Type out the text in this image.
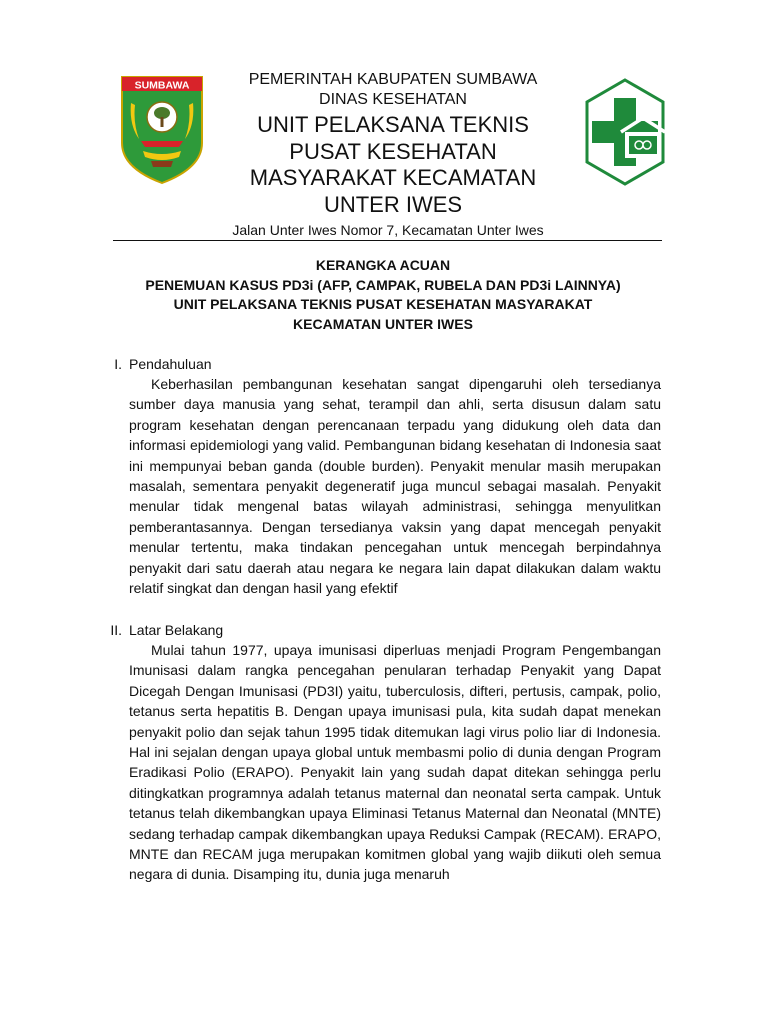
SUMBAWA	PEMERINTAH KABUPATEN SUMBAWA
DINAS KESEHATAN
UNIT PELAKSANA TEKNIS
PUSAT KESEHATAN
MASYARAKAT KECAMATAN
UNTER IWES
Jalan Unter Iwes Nomor 7, Kecamatan Unter Iwes
KERANGKA ACUAN
PENEMUAN KASUS PD3i (AFP, CAMPAK, RUBELA DAN PD3i LAINNYA)
UNIT PELAKSANA TEKNIS PUSAT KESEHATAN MASYARAKAT
KECAMATAN UNTER IWES
I. Pendahuluan
Keberhasilan pembangunan kesehatan sangat dipengaruhi oleh tersedianya sumber daya manusia yang sehat, terampil dan ahli, serta disusun dalam satu program kesehatan dengan perencanaan terpadu yang didukung oleh data dan informasi epidemiologi yang valid. Pembangunan bidang kesehatan di Indonesia saat ini mempunyai beban ganda (double burden). Penyakit menular masih merupakan masalah, sementara penyakit degeneratif juga muncul sebagai masalah. Penyakit menular tidak mengenal batas wilayah administrasi, sehingga menyulitkan pemberantasannya. Dengan tersedianya vaksin yang dapat mencegah penyakit menular tertentu, maka tindakan pencegahan untuk mencegah berpindahnya penyakit dari satu daerah atau negara ke negara lain dapat dilakukan dalam waktu relatif singkat dan dengan hasil yang efektif
II. Latar Belakang
Mulai tahun 1977, upaya imunisasi diperluas menjadi Program Pengembangan Imunisasi dalam rangka pencegahan penularan terhadap Penyakit yang Dapat Dicegah Dengan Imunisasi (PD3I) yaitu, tuberculosis, difteri, pertusis, campak, polio, tetanus serta hepatitis B. Dengan upaya imunisasi pula, kita sudah dapat menekan penyakit polio dan sejak tahun 1995 tidak ditemukan lagi virus polio liar di Indonesia. Hal ini sejalan dengan upaya global untuk membasmi polio di dunia dengan Program Eradikasi Polio (ERAPO). Penyakit lain yang sudah dapat ditekan sehingga perlu ditingkatkan programnya adalah tetanus maternal dan neonatal serta campak. Untuk tetanus telah dikembangkan upaya Eliminasi Tetanus Maternal dan Neonatal (MNTE) sedang terhadap campak dikembangkan upaya Reduksi Campak (RECAM). ERAPO, MNTE dan RECAM juga merupakan komitmen global yang wajib diikuti oleh semua negara di dunia. Disamping itu, dunia juga menaruh
